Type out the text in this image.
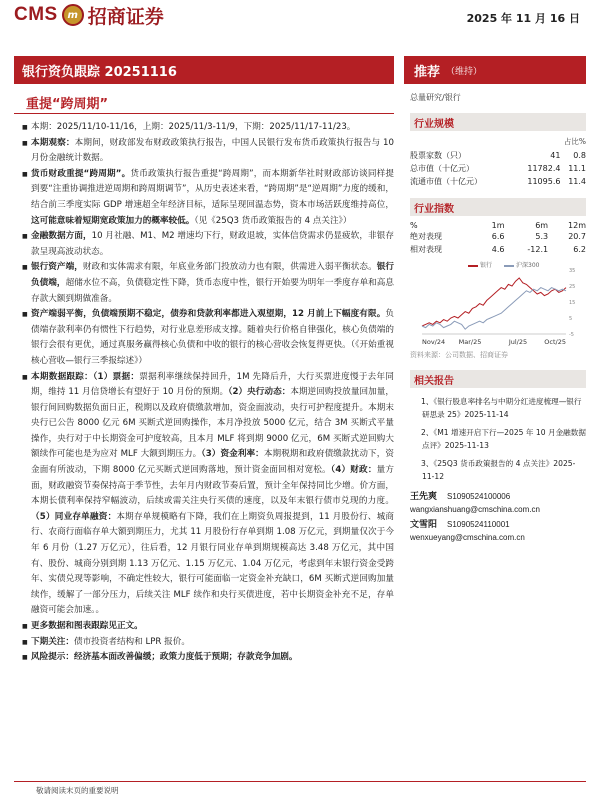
CMS m 招商证券	2025 年 11 月 16 日
银行资负跟踪 20251116	推荐 （维持）
重提“跨周期”
■ 本期：2025/11/10-11/16，上期：2025/11/3-11/9，下期：2025/11/17-11/23。
■ 本期观察：本期间，财政部发布财政政策执行报告，中国人民银行发布货币政策执行报告与 10 月份金融统计数据。
■ 货币财政重提“跨周期”。货币政策执行报告重提“跨周期”，而本期新华社时财政部访谈同样提到要“注重协调推进逆周期和跨周期调节”，从历史表述来看，“跨周期”是“逆周期”力度的缓和，结合前三季度实际 GDP 增速超全年经济目标，适际呈现回温态势，资本市场活跃度维持高位，这可能意味着短期宽政策加力的概率较低。（见《25Q3 货币政策报告的 4 点关注》）
■ 金融数据方面，10 月社融、M1、M2 增速均下行，财政退坡，实体信贷需求仍显疲软，非银存款呈现高波动状态。
■ 银行资产端，财政和实体需求有限，年底业务部门投放动力也有限，供需进入弱平衡状态。银行负债端，超储水位不高，负债稳定性下降，货币态度中性，银行开始要为明年一季度存单和高息存款大额到期做准备。
■ 资产端弱平衡，负债端预期不稳定，债券和贷款利率都进入观望期，12 月前上下幅度有限。负债端存款利率仍有惯性下行趋势，对行业息差形成支撑。随着央行价格自律强化，核心负债端的银行会很有更优，通过真服务赢得核心负债和中收的银行的核心营收会恢复得更快。（《开始重视核心营收—银行三季报综述》）
■ 本期数据跟踪：（1）票据：票据利率继续保持回升，1M 先降后升，大行买票进度慢于去年同期，维持 11 月信贷增长有望好于 10 月份的预期。（2）央行动态：本期逆回购投放量回加量，银行间回购数据负面日正，税期以及政府债缴款增加，资金面波动，央行可护程度提升。本期末央行已公告 8000 亿元 6M 买断式逆回购操作，本月净投放 5000 亿元，结合 3M 买断式平量操作，央行对于中长期资金可护度较高，且本月 MLF 将到期 9000 亿元，6M 买断式逆回购大额续作可能也是为应对 MLF 大额到期压力。（3）资金利率：本期税期和政府债缴款扰动下，资金面有所波动，下期 8000 亿元买断式逆回购落地，预计资金面回相对宽松。（4）财政：量方面，财政融资节奏保持高于季节性，去年月内财政节奏后置，预计全年保持同比少增。价方面，本期长债利率保持窄幅波动，后续或需关注央行买债的速度，以及年末银行债市兑现的力度。（5）同业存单融资：本期存单规模略有下降，我们在上期资负周报提到，11 月股份行、城商行、农商行面临存单大额到期压力，尤其 11 月股份行存单到期 1.08 万亿元，到期量仅次于今年 6 月份（1.27 万亿元），往后看，12 月银行同业存单到期规模高达 3.48 万亿元，其中国有、股份、城商分别到期 1.13 万亿元、1.15 万亿元、1.04 万亿元，考虑到年末银行资金受跨年、实债兑现等影响，不确定性较大，银行可能面临一定资金补充缺口，6M 买断式逆回购加量续作，缓解了一部分压力，后续关注 MLF 续作和央行买债进度，若中长期资金补充不足，存单融资可能会加速。。
■ 更多数据和图表跟踪见正文。
■ 下期关注：债市投资者结构和 LPR 报价。
■ 风险提示：经济基本面改善偏缓；政策力度低于预期；存款竞争加剧。
总量研究/银行
行业规模
占比%
股票家数（只）	41	0.8
总市值（十亿元）	11782.4	11.1
流通市值（十亿元）	11095.6	11.4
行业指数
%	1m	6m	12m
绝对表现	6.6	5.3	20.7
相对表现	4.6	-12.1	6.2
-5
5
15
25
35
Nov/24 Mar/25	Jul/25	Oct/25
银行	沪深300
资料来源：公司数据、招商证券
相关报告
1、《银行股息率排名与中期分红进度梳理—银行研思录 25》2025-11-14
2、《M1 增速开启下行—2025 年 10 月金融数据点评》2025-11-13
3、《25Q3 货币政策报告的 4 点关注》2025-11-12
王先爽 S1090524100006
wangxianshuang@cmschina.com.cn
文雪阳 S1090524110001
wenxueyang@cmschina.com.cn
敬请阅读末页的重要说明
